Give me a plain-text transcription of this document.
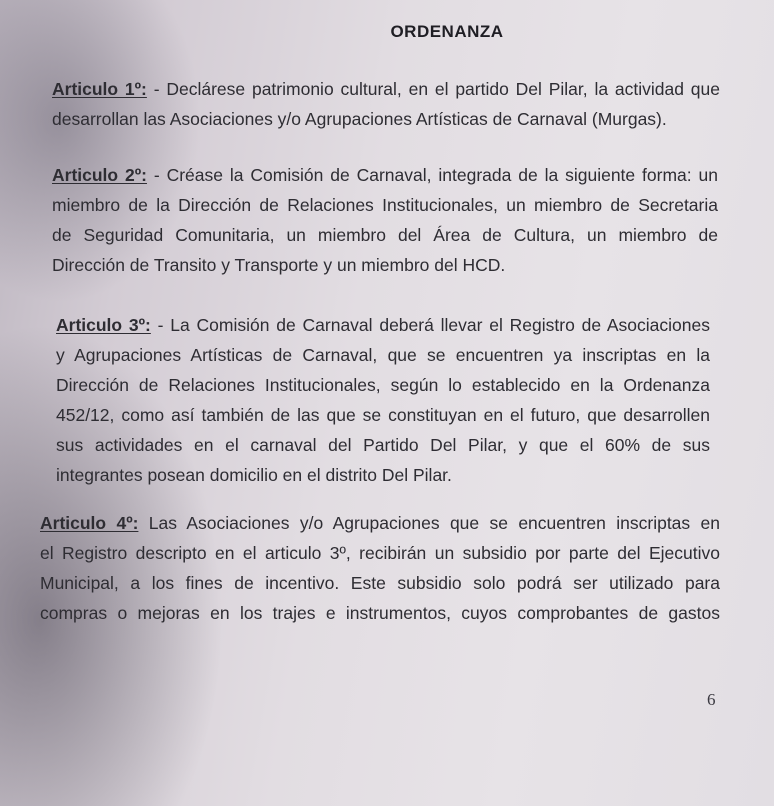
ORDENANZA
Articulo 1º: - Declárese patrimonio cultural, en el partido Del Pilar, la actividad que
desarrollan las Asociaciones y/o Agrupaciones Artísticas de Carnaval (Murgas).
Articulo 2º: - Créase la Comisión de Carnaval, integrada de la siguiente forma: un
miembro de la Dirección de Relaciones Institucionales, un miembro de Secretaria
de Seguridad Comunitaria, un miembro del Área de Cultura, un miembro de
Dirección de Transito y Transporte y un miembro del HCD.
Articulo 3º: - La Comisión de Carnaval deberá llevar el Registro de Asociaciones
y Agrupaciones Artísticas de Carnaval, que se encuentren ya inscriptas en la
Dirección de Relaciones Institucionales, según lo establecido en la Ordenanza
452/12, como así también de las que se constituyan en el futuro, que desarrollen
sus actividades en el carnaval del Partido Del Pilar, y que el 60% de sus
integrantes posean domicilio en el distrito Del Pilar.
Articulo 4º: Las Asociaciones y/o Agrupaciones que se encuentren inscriptas en
el Registro descripto en el articulo 3º, recibirán un subsidio por parte del Ejecutivo
Municipal, a los fines de incentivo. Este subsidio solo podrá ser utilizado para
compras o mejoras en los trajes e instrumentos, cuyos comprobantes de gastos
6
